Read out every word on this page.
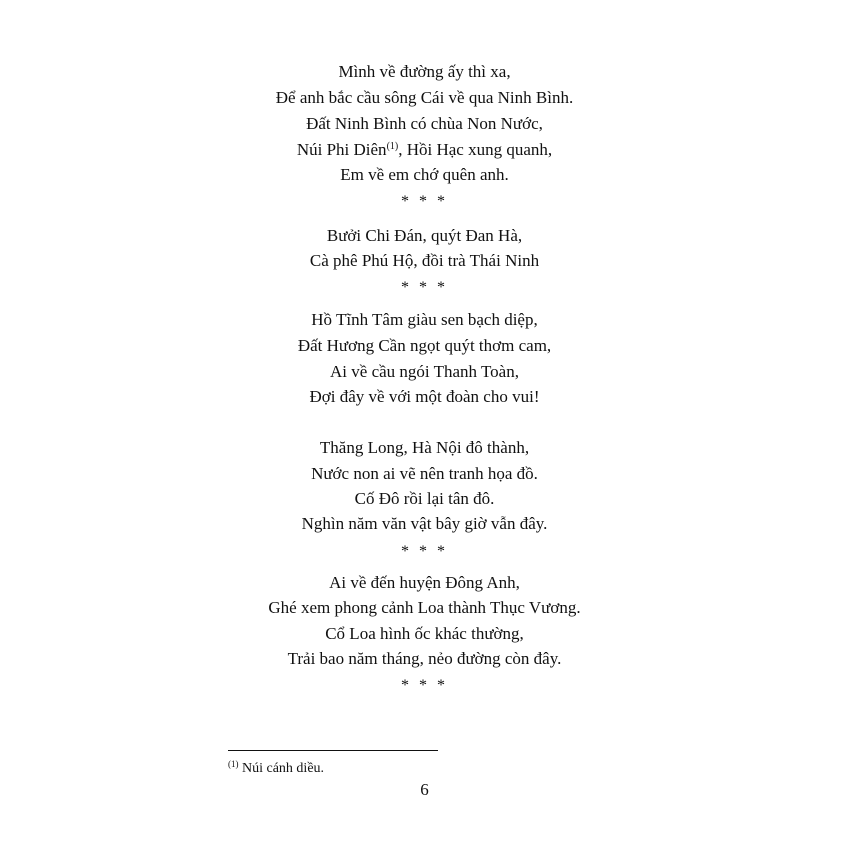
Mình về đường ấy thì xa,
Để anh bắc cầu sông Cái về qua Ninh Bình.
Đất Ninh Bình có chùa Non Nước,
Núi Phi Diên$^{(1)}$, Hồi Hạc xung quanh,
Em về em chớ quên anh.
* * *
Bưởi Chi Đán, quýt Đan Hà,
Cà phê Phú Hộ, đồi trà Thái Ninh
* * *
Hồ Tĩnh Tâm giàu sen bạch diệp,
Đất Hương Cần ngọt quýt thơm cam,
Ai về cầu ngói Thanh Toàn,
Đợi đây về với một đoàn cho vui!
Thăng Long, Hà Nội đô thành,
Nước non ai vẽ nên tranh họa đồ.
Cố Đô rồi lại tân đô.
Nghìn năm văn vật bây giờ vẫn đây.
* * *
Ai về đến huyện Đông Anh,
Ghé xem phong cảnh Loa thành Thục Vương.
Cổ Loa hình ốc khác thường,
Trải bao năm tháng, nẻo đường còn đây.
* * *
$^{(1)}$ Núi cánh diều.
6
